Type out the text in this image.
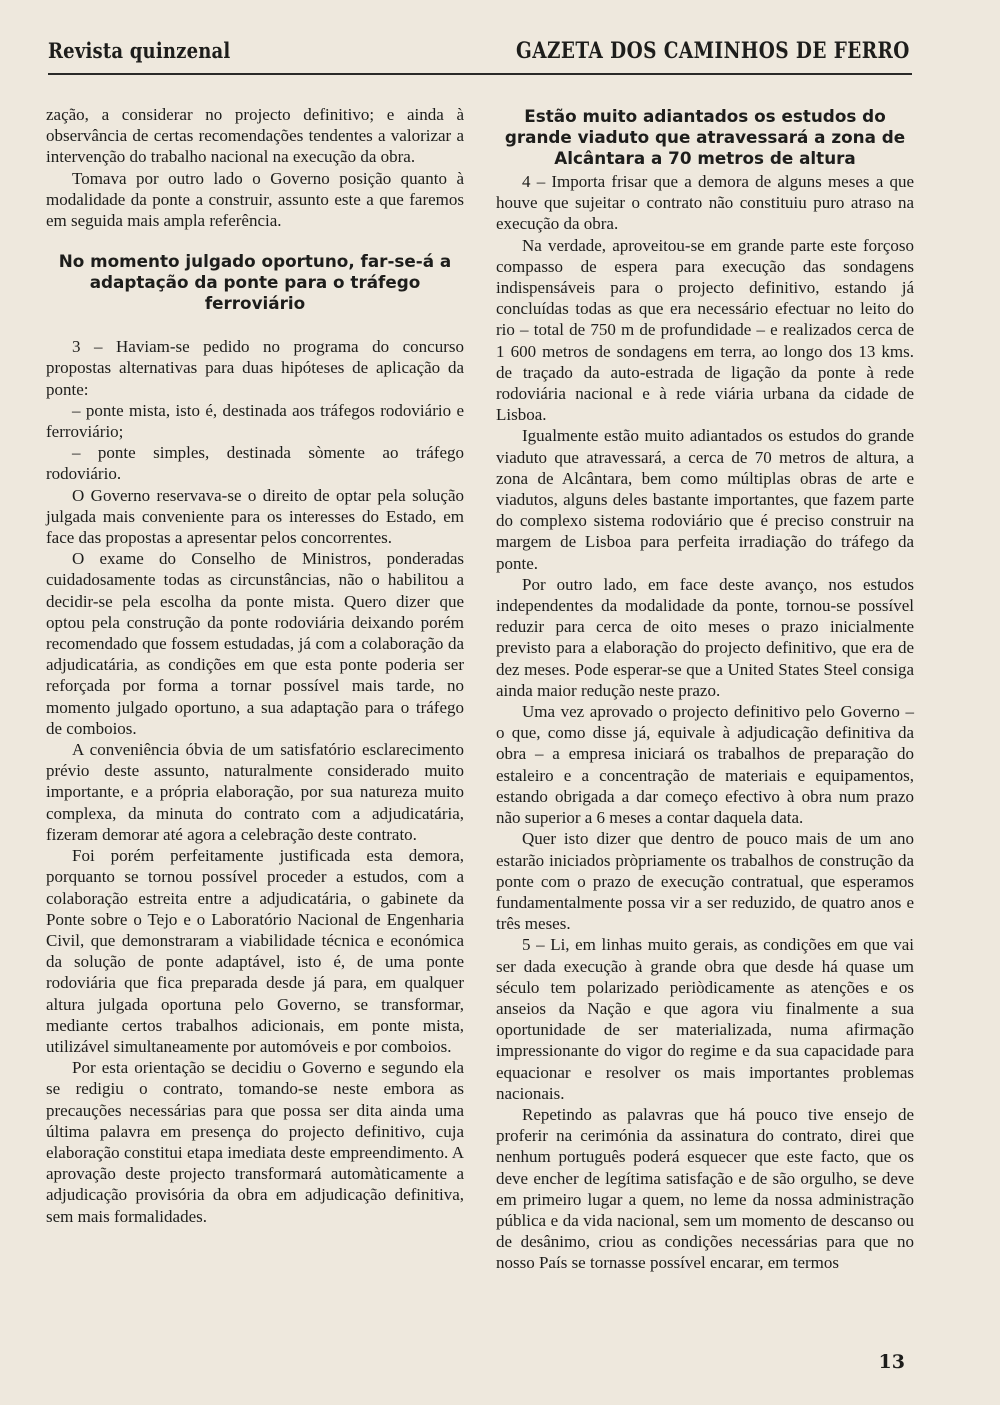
Revista quinzenal	GAZETA DOS CAMINHOS DE FERRO

zação, a considerar no projecto definitivo; e ainda à observância de certas recomendações tendentes a valorizar a intervenção do trabalho nacional na execução da obra.

Tomava por outro lado o Governo posição quanto à modalidade da ponte a construir, assunto este a que faremos em seguida mais ampla referência.

No momento julgado oportuno, far-se-á a adaptação da ponte para o tráfego ferroviário

3 – Haviam-se pedido no programa do concurso propostas alternativas para duas hipóteses de aplicação da ponte:

– ponte mista, isto é, destinada aos tráfegos rodoviário e ferroviário;

– ponte simples, destinada sòmente ao tráfego rodoviário.

O Governo reservava-se o direito de optar pela solução julgada mais conveniente para os interesses do Estado, em face das propostas a apresentar pelos concorrentes.

O exame do Conselho de Ministros, ponderadas cuidadosamente todas as circunstâncias, não o habilitou a decidir-se pela escolha da ponte mista. Quero dizer que optou pela construção da ponte rodoviária deixando porém recomendado que fossem estudadas, já com a colaboração da adjudicatária, as condições em que esta ponte poderia ser reforçada por forma a tornar possível mais tarde, no momento julgado oportuno, a sua adaptação para o tráfego de comboios.

A conveniência óbvia de um satisfatório esclarecimento prévio deste assunto, naturalmente considerado muito importante, e a própria elaboração, por sua natureza muito complexa, da minuta do contrato com a adjudicatária, fizeram demorar até agora a celebração deste contrato.

Foi porém perfeitamente justificada esta demora, porquanto se tornou possível proceder a estudos, com a colaboração estreita entre a adjudicatária, o gabinete da Ponte sobre o Tejo e o Laboratório Nacional de Engenharia Civil, que demonstraram a viabilidade técnica e económica da solução de ponte adaptável, isto é, de uma ponte rodoviária que fica preparada desde já para, em qualquer altura julgada oportuna pelo Governo, se transformar, mediante certos trabalhos adicionais, em ponte mista, utilizável simultaneamente por automóveis e por comboios.

Por esta orientação se decidiu o Governo e segundo ela se redigiu o contrato, tomando-se neste embora as precauções necessárias para que possa ser dita ainda uma última palavra em presença do projecto definitivo, cuja elaboração constitui etapa imediata deste empreendimento. A aprovação deste projecto transformará automàticamente a adjudicação provisória da obra em adjudicação definitiva, sem mais formalidades.

Estão muito adiantados os estudos do grande viaduto que atravessará a zona de Alcântara a 70 metros de altura

4 – Importa frisar que a demora de alguns meses a que houve que sujeitar o contrato não constituiu puro atraso na execução da obra.

Na verdade, aproveitou-se em grande parte este forçoso compasso de espera para execução das sondagens indispensáveis para o projecto definitivo, estando já concluídas todas as que era necessário efectuar no leito do rio – total de 750 m de profundidade – e realizados cerca de 1 600 metros de sondagens em terra, ao longo dos 13 kms. de traçado da auto-estrada de ligação da ponte à rede rodoviária nacional e à rede viária urbana da cidade de Lisboa.

Igualmente estão muito adiantados os estudos do grande viaduto que atravessará, a cerca de 70 metros de altura, a zona de Alcântara, bem como múltiplas obras de arte e viadutos, alguns deles bastante importantes, que fazem parte do complexo sistema rodoviário que é preciso construir na margem de Lisboa para perfeita irradiação do tráfego da ponte.

Por outro lado, em face deste avanço, nos estudos independentes da modalidade da ponte, tornou-se possível reduzir para cerca de oito meses o prazo inicialmente previsto para a elaboração do projecto definitivo, que era de dez meses. Pode esperar-se que a United States Steel consiga ainda maior redução neste prazo.

Uma vez aprovado o projecto definitivo pelo Governo – o que, como disse já, equivale à adjudicação definitiva da obra – a empresa iniciará os trabalhos de preparação do estaleiro e a concentração de materiais e equipamentos, estando obrigada a dar começo efectivo à obra num prazo não superior a 6 meses a contar daquela data.

Quer isto dizer que dentro de pouco mais de um ano estarão iniciados pròpriamente os trabalhos de construção da ponte com o prazo de execução contratual, que esperamos fundamentalmente possa vir a ser reduzido, de quatro anos e três meses.

5 – Li, em linhas muito gerais, as condições em que vai ser dada execução à grande obra que desde há quase um século tem polarizado periòdicamente as atenções e os anseios da Nação e que agora viu finalmente a sua oportunidade de ser materializada, numa afirmação impressionante do vigor do regime e da sua capacidade para equacionar e resolver os mais importantes problemas nacionais.

Repetindo as palavras que há pouco tive ensejo de proferir na cerimónia da assinatura do contrato, direi que nenhum português poderá esquecer que este facto, que os deve encher de legítima satisfação e de são orgulho, se deve em primeiro lugar a quem, no leme da nossa administração pública e da vida nacional, sem um momento de descanso ou de desânimo, criou as condições necessárias para que no nosso País se tornasse possível encarar, em termos

13
